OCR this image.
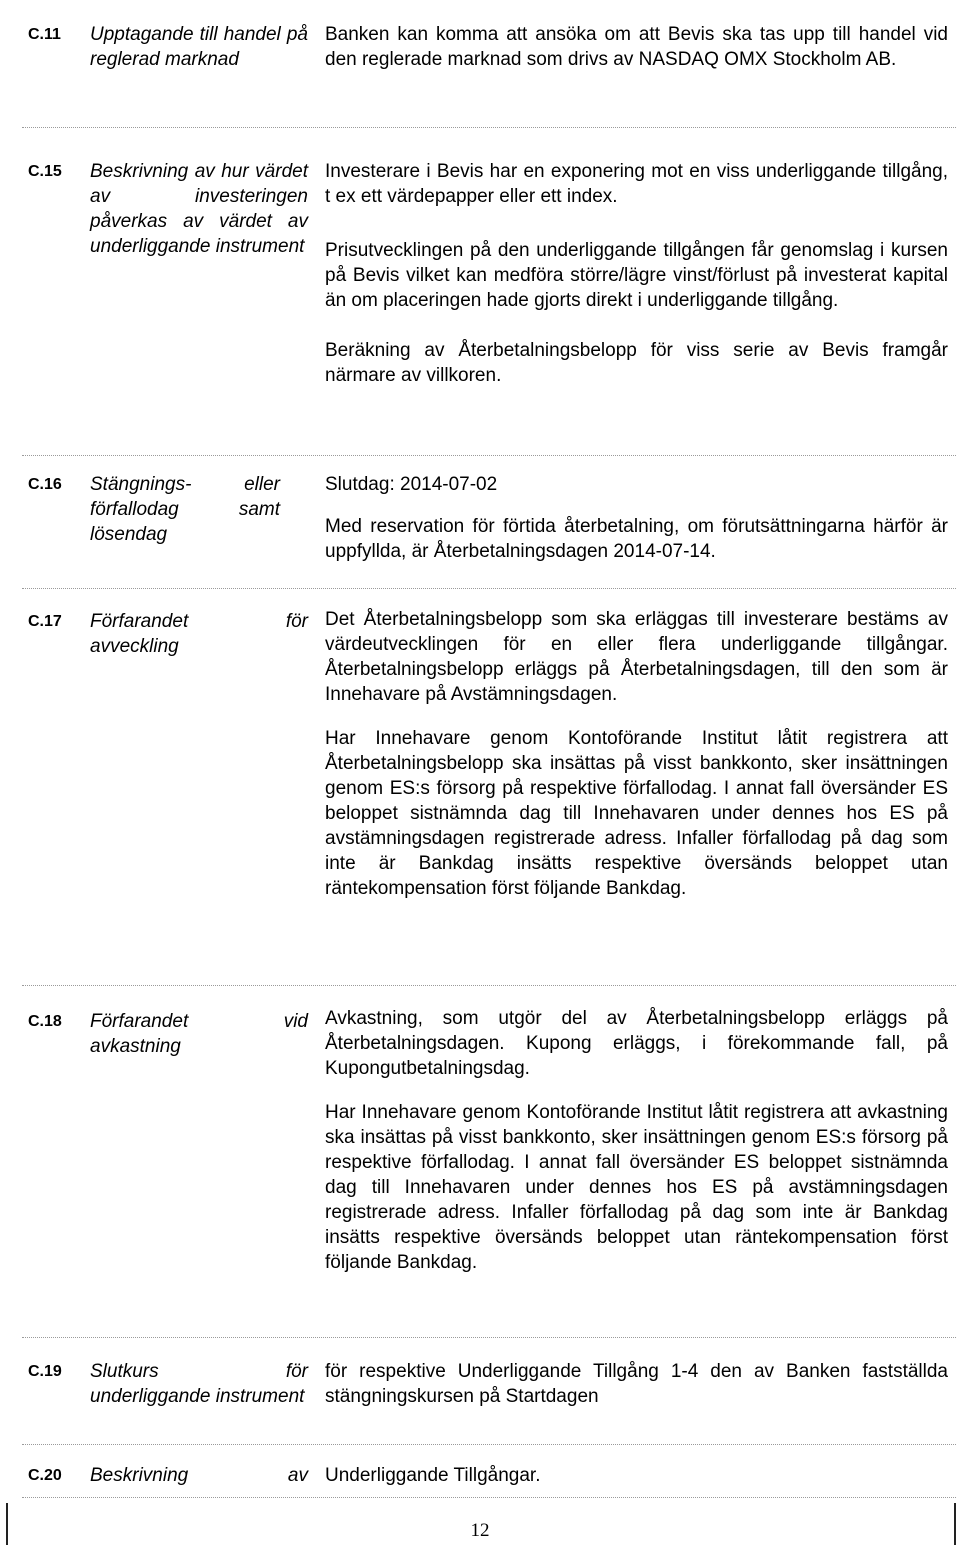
C.11 Upptagande till handel på reglerad marknad

Banken kan komma att ansöka om att Bevis ska tas upp till handel vid den reglerade marknad som drivs av NASDAQ OMX Stockholm AB.

C.15 Beskrivning av hur värdet av investeringen påverkas av värdet av underliggande instrument

Investerare i Bevis har en exponering mot en viss underliggande tillgång, t ex ett värdepapper eller ett index.

Prisutvecklingen på den underliggande tillgången får genomslag i kursen på Bevis vilket kan medföra större/lägre vinst/förlust på investerat kapital än om placeringen hade gjorts direkt i underliggande tillgång.

Beräkning av Återbetalningsbelopp för viss serie av Bevis framgår närmare av villkoren.

C.16 Stängnings- eller förfallodag samt lösendag

Slutdag: 2014-07-02

Med reservation för förtida återbetalning, om förutsättningarna härför är uppfyllda, är Återbetalningsdagen 2014-07-14.

C.17 Förfarandet för avveckling

Det Återbetalningsbelopp som ska erläggas till investerare bestäms av värdeutvecklingen för en eller flera underliggande tillgångar. Återbetalningsbelopp erläggs på Återbetalningsdagen, till den som är Innehavare på Avstämningsdagen.

Har Innehavare genom Kontoförande Institut låtit registrera att Återbetalningsbelopp ska insättas på visst bankkonto, sker insättningen genom ES:s försorg på respektive förfallodag. I annat fall översänder ES beloppet sistnämnda dag till Innehavaren under dennes hos ES på avstämningsdagen registrerade adress. Infaller förfallodag på dag som inte är Bankdag insätts respektive översänds beloppet utan räntekompensation först följande Bankdag.

C.18 Förfarandet vid avkastning

Avkastning, som utgör del av Återbetalningsbelopp erläggs på Återbetalningsdagen. Kupong erläggs, i förekommande fall, på Kupongutbetalningsdag.

Har Innehavare genom Kontoförande Institut låtit registrera att avkastning ska insättas på visst bankkonto, sker insättningen genom ES:s försorg på respektive förfallodag. I annat fall översänder ES beloppet sistnämnda dag till Innehavaren under dennes hos ES på avstämningsdagen registrerade adress. Infaller förfallodag på dag som inte är Bankdag insätts respektive översänds beloppet utan räntekompensation först följande Bankdag.

C.19 Slutkurs för underliggande instrument

för respektive Underliggande Tillgång 1-4 den av Banken fastställda stängningskursen på Startdagen

C.20 Beskrivning av Underliggande Tillgångar.

12
